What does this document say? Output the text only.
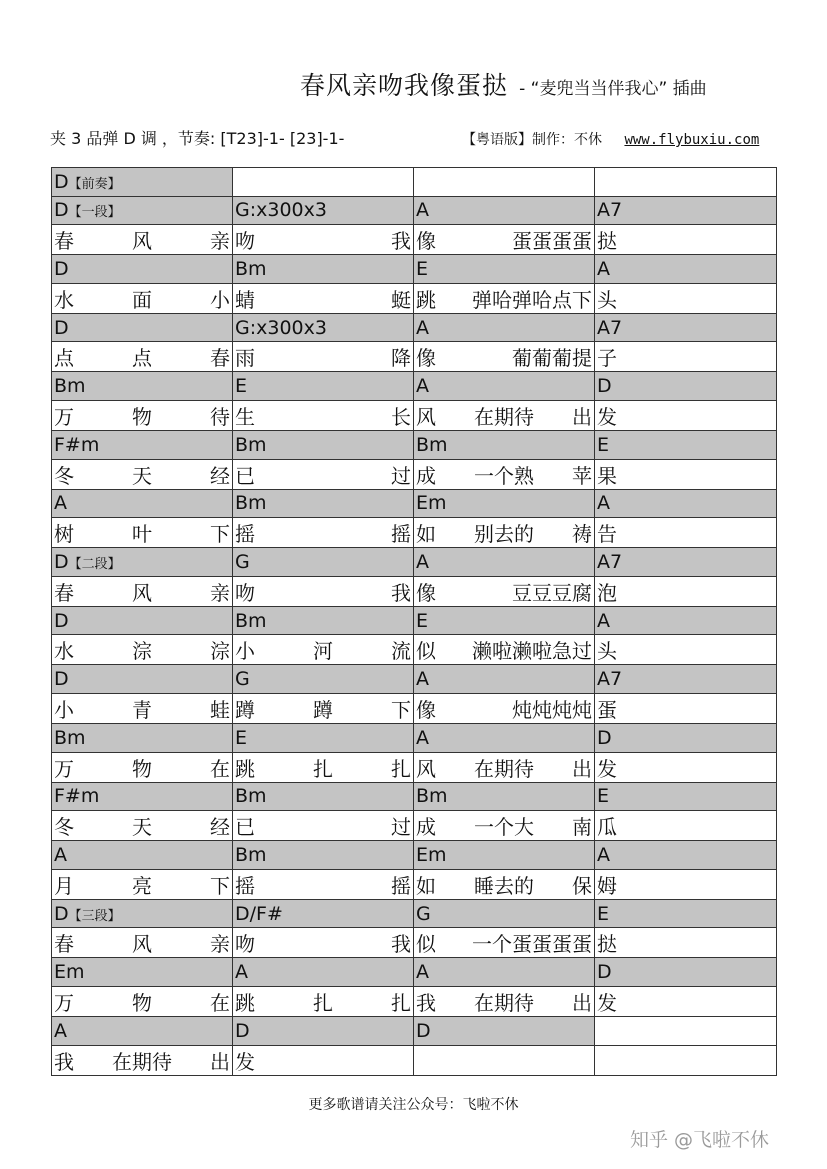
春风亲吻我像蛋挞 - “麦兜当当伴我心” 插曲
夹 3 品弹 D 调 ，节奏: [T23]-1- [23]-1-	【粤语版】制作：不休 www.flybuxiu.com
D【前奏】			
D【一段】	G:x300x3	A	A7

春 风 亲	吻 我	像 蛋蛋蛋蛋	挞

D	Bm	E	A

水 面 小	蜻 蜓	跳 弹哈弹哈点下	头

D	G:x300x3	A	A7

点 点 春	雨 降	像 葡葡葡提	子

Bm	E	A	D

万 物 待	生 长	风 在期待 出	发

F#m	Bm	Bm	E

冬 天 经	已 过	成 一个熟 苹	果

A	Bm	Em	A

树 叶 下	摇 摇	如 别去的 祷	告

D【二段】	G	A	A7

春 风 亲	吻 我	像 豆豆豆腐	泡

D	Bm	E	A

水 淙 淙	小 河 流	似 濑啦濑啦急过	头

D	G	A	A7

小 青 蛙	蹲 蹲 下	像 炖炖炖炖	蛋

Bm	E	A	D

万 物 在	跳 扎 扎	风 在期待 出	发

F#m	Bm	Bm	E

冬 天 经	已 过	成 一个大 南	瓜

A	Bm	Em	A

月 亮 下	摇 摇	如 睡去的 保	姆

D【三段】	D/F#	G	E

春 风 亲	吻 我	似 一个蛋蛋蛋蛋	挞

Em	A	A	D

万 物 在	跳 扎 扎	我 在期待 出	发

A	D	D	

我 在期待 出	发		

更多歌谱请关注公众号：飞啦不休
知乎 @飞啦不休
